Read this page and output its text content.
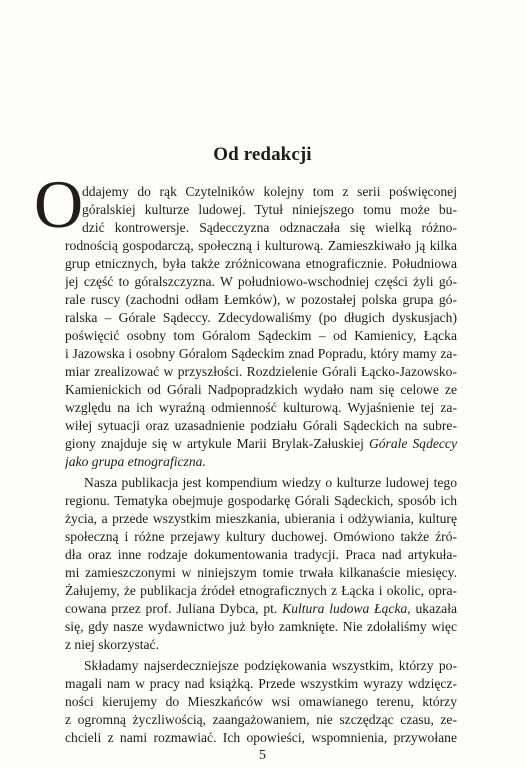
Od redakcji
O
ddajemy do rąk Czytelników kolejny tom z serii poświęconej
góralskiej kulturze ludowej. Tytuł niniejszego tomu może bu-
dzić kontrowersje. Sądecczyzna odznaczała się wielką różno-
rodnością gospodarczą, społeczną i kulturową. Zamieszkiwało ją kilka
grup etnicznych, była także zróżnicowana etnograficznie. Południowa
jej część to góralszczyzna. W południowo-wschodniej części żyli gó-
rale ruscy (zachodni odłam Łemków), w pozostałej polska grupa gó-
ralska – Górale Sądeccy. Zdecydowaliśmy (po długich dyskusjach)
poświęcić osobny tom Góralom Sądeckim – od Kamienicy, Łącka
i Jazowska i osobny Góralom Sądeckim znad Popradu, który mamy za-
miar zrealizować w przyszłości. Rozdzielenie Górali Łącko-Jazowsko-
Kamienickich od Górali Nadpopradzkich wydało nam się celowe ze
względu na ich wyraźną odmienność kulturową. Wyjaśnienie tej za-
wiłej sytuacji oraz uzasadnienie podziału Górali Sądeckich na subre-
giony znajduje się w artykule Marii Brylak-Załuskiej Górale Sądeccy
jako grupa etnograficzna.
Nasza publikacja jest kompendium wiedzy o kulturze ludowej tego
regionu. Tematyka obejmuje gospodarkę Górali Sądeckich, sposób ich
życia, a przede wszystkim mieszkania, ubierania i odżywiania, kulturę
społeczną i różne przejawy kultury duchowej. Omówiono także źró-
dła oraz inne rodzaje dokumentowania tradycji. Praca nad artykuła-
mi zamieszczonymi w niniejszym tomie trwała kilkanaście miesięcy.
Żałujemy, że publikacja źródeł etnograficznych z Łącka i okolic, opra-
cowana przez prof. Juliana Dybca, pt. Kultura ludowa Łącka, ukazała
się, gdy nasze wydawnictwo już było zamknięte. Nie zdołaliśmy więc
z niej skorzystać.
Składamy najserdeczniejsze podziękowania wszystkim, którzy po-
magali nam w pracy nad książką. Przede wszystkim wyrazy wdzięcz-
ności kierujemy do Mieszkańców wsi omawianego terenu, którzy
z ogromną życzliwością, zaangażowaniem, nie szczędząc czasu, ze-
chcieli z nami rozmawiać. Ich opowieści, wspomnienia, przywołane
5
